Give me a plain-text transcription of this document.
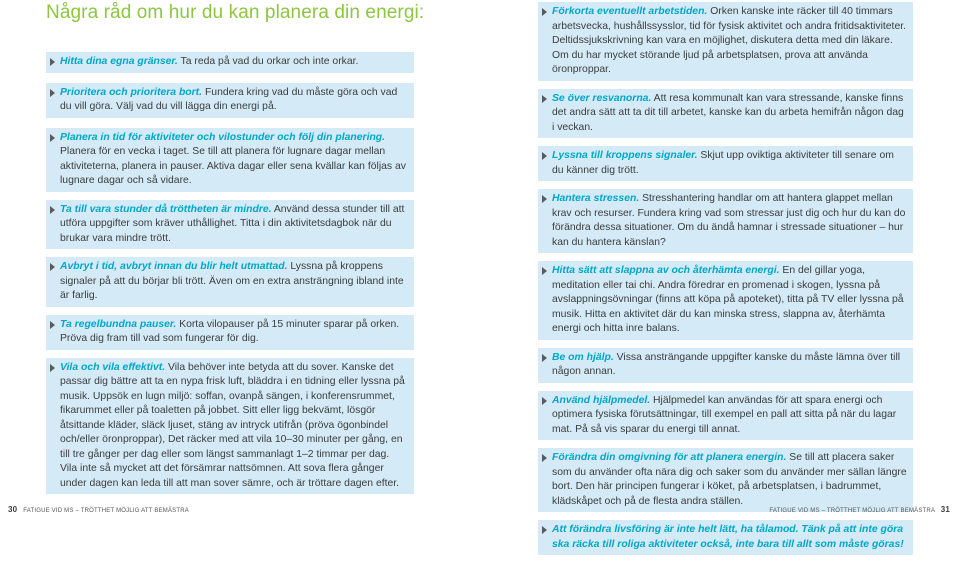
Några råd om hur du kan planera din energi:
Hitta dina egna gränser. Ta reda på vad du orkar och inte orkar.
Prioritera och prioritera bort. Fundera kring vad du måste göra och vad du vill göra. Välj vad du vill lägga din energi på.
Planera in tid för aktiviteter och vilostunder och följ din planering. Planera för en vecka i taget. Se till att planera för lugnare dagar mellan aktiviteterna, planera in pauser. Aktiva dagar eller sena kvällar kan följas av lugnare dagar och så vidare.
Ta till vara stunder då tröttheten är mindre. Använd dessa stunder till att utföra uppgifter som kräver uthållighet. Titta i din aktivitetsdagbok när du brukar vara mindre trött.
Avbryt i tid, avbryt innan du blir helt utmattad. Lyssna på kroppens signaler på att du börjar bli trött. Även om en extra ansträngning ibland inte är farlig.
Ta regelbundna pauser. Korta vilopauser på 15 minuter sparar på orken. Pröva dig fram till vad som fungerar för dig.
Vila och vila effektivt. Vila behöver inte betyda att du sover. Kanske det passar dig bättre att ta en nypa frisk luft, bläddra i en tidning eller lyssna på musik. Uppsök en lugn miljö: soffan, ovanpå sängen, i konferensrummet, fikarummet eller på toaletten på jobbet. Sitt eller ligg bekvämt, lösgör åtsittande kläder, släck ljuset, stäng av intryck utifrån (pröva ögonbindel och/eller öronproppar), Det räcker med att vila 10–30 minuter per gång, en till tre gånger per dag eller som längst sammanlagt 1–2 timmar per dag. Vila inte så mycket att det försämrar nattsömnen. Att sova flera gånger under dagen kan leda till att man sover sämre, och är tröttare dagen efter.
30 FATIGUE VID MS – TRÖTTHET MÖJLIG ATT BEMÄSTRA
Förkorta eventuellt arbetstiden. Orken kanske inte räcker till 40 timmars arbetsvecka, hushållssysslor, tid för fysisk aktivitet och andra fritidsaktiviteter. Deltidssjukskrivning kan vara en möjlighet, diskutera detta med din läkare. Om du har mycket störande ljud på arbetsplatsen, prova att använda öronproppar.
Se över resvanorna. Att resa kommunalt kan vara stressande, kanske finns det andra sätt att ta dit till arbetet, kanske kan du arbeta hemifrån någon dag i veckan.
Lyssna till kroppens signaler. Skjut upp oviktiga aktiviteter till senare om du känner dig trött.
Hantera stressen. Stresshantering handlar om att hantera glappet mellan krav och resurser. Fundera kring vad som stressar just dig och hur du kan do förändra dessa situationer. Om du ändå hamnar i stressade situationer – hur kan du hantera känslan?
Hitta sätt att slappna av och återhämta energi. En del gillar yoga, meditation eller tai chi. Andra föredrar en promenad i skogen, lyssna på avslappningsövningar (finns att köpa på apoteket), titta på TV eller lyssna på musik. Hitta en aktivitet där du kan minska stress, slappna av, återhämta energi och hitta inre balans.
Be om hjälp. Vissa ansträngande uppgifter kanske du måste lämna över till någon annan.
Använd hjälpmedel. Hjälpmedel kan användas för att spara energi och optimera fysiska förutsättningar, till exempel en pall att sitta på när du lagar mat. På så vis sparar du energi till annat.
Förändra din omgivning för att planera energin. Se till att placera saker som du använder ofta nära dig och saker som du använder mer sällan längre bort. Den här principen fungerar i köket, på arbetsplatsen, i badrummet, klädskåpet och på de flesta andra ställen.
Att förändra livsföring är inte helt lätt, ha tålamod. Tänk på att inte göra ska räcka till roliga aktiviteter också, inte bara till allt som måste göras!
FATIGUE VID MS – TRÖTTHET MÖJLIG ATT BEMÄSTRA 31
